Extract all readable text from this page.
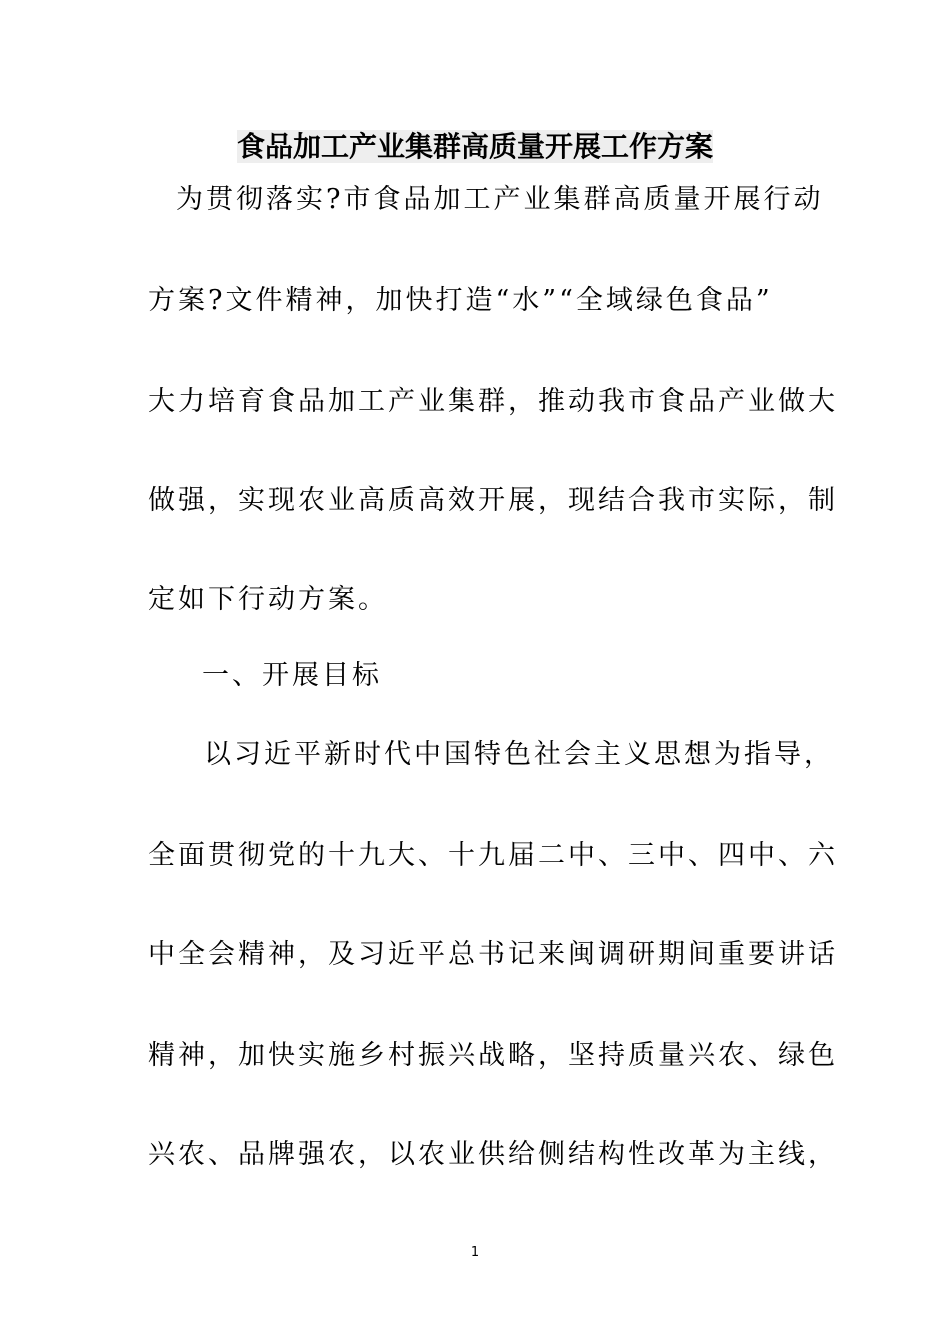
食品加工产业集群高质量开展工作方案
为贯彻落实?市食品加工产业集群高质量开展行动
方案?文件精神，加快打造“水”“全域绿色食品”
大力培育食品加工产业集群，推动我市食品产业做大
做强，实现农业高质高效开展，现结合我市实际，制
定如下行动方案。
一、开展目标
以习近平新时代中国特色社会主义思想为指导，
全面贯彻党的十九大、十九届二中、三中、四中、六
中全会精神，及习近平总书记来闽调研期间重要讲话
精神，加快实施乡村振兴战略，坚持质量兴农、绿色
兴农、品牌强农，以农业供给侧结构性改革为主线，
1
